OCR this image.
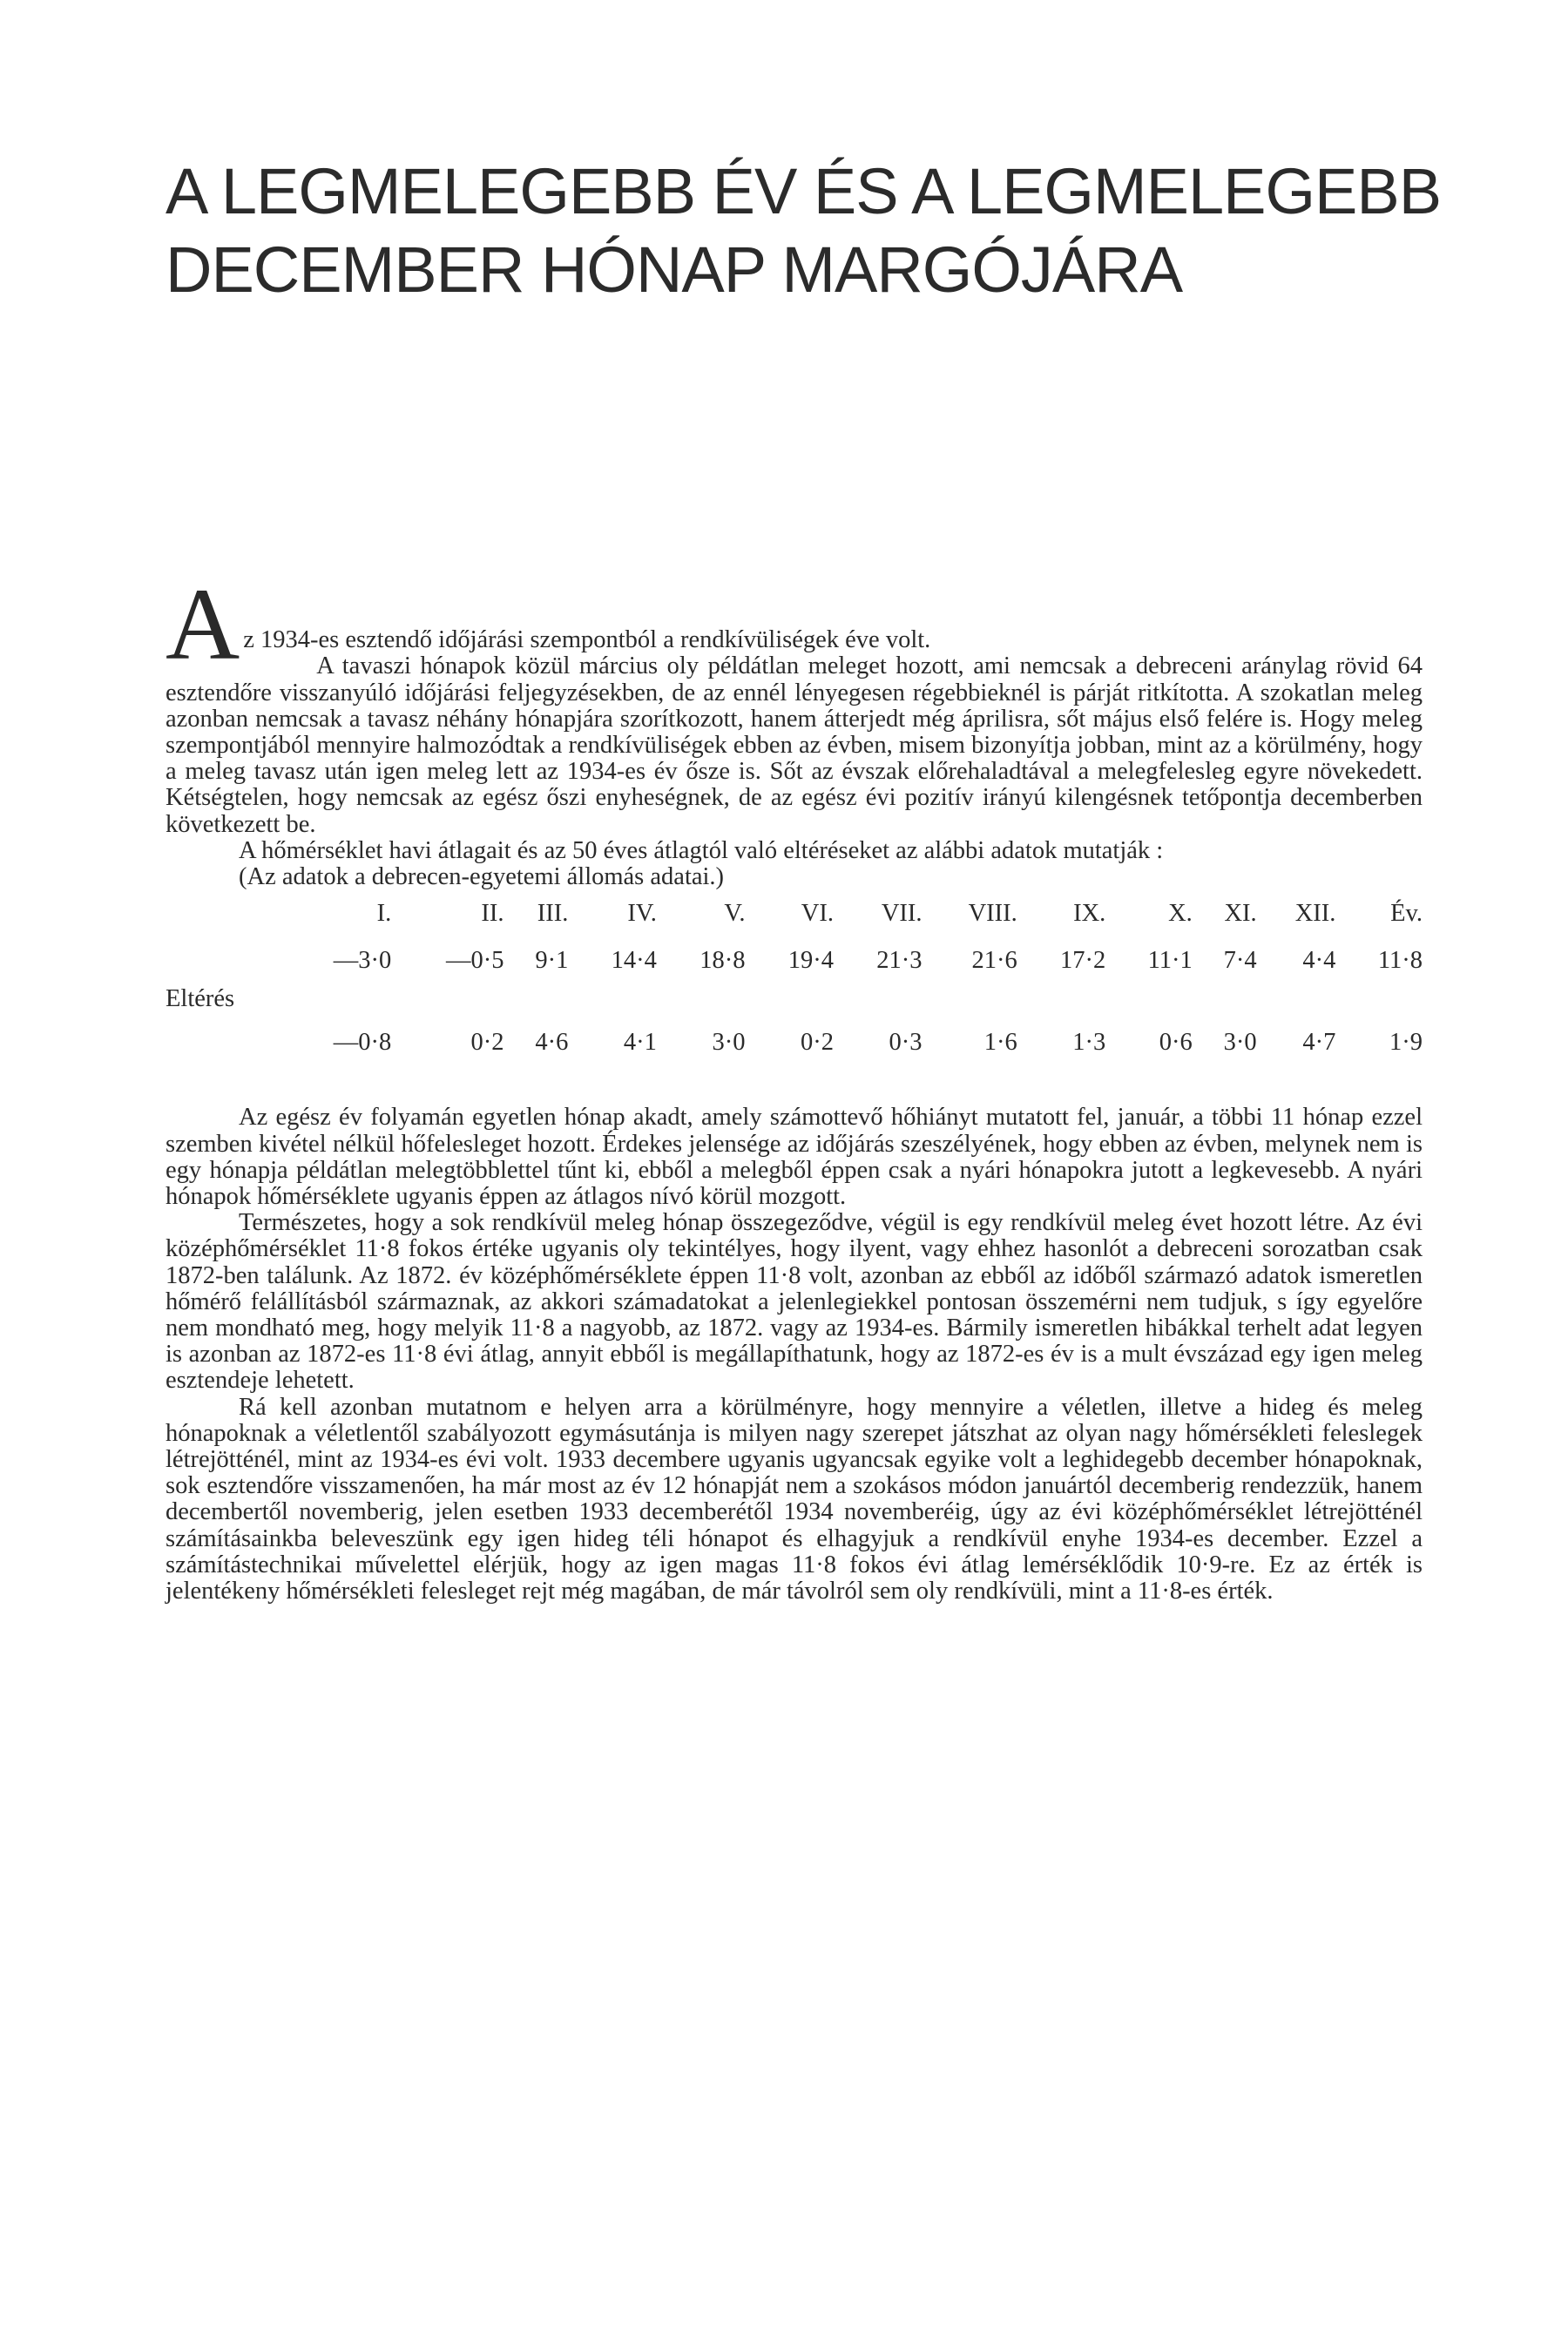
A LEGMELEGEBB ÉV ÉS A LEGMELEGEBB
DECEMBER HÓNAP MARGÓJÁRA

Az 1934-es esztendő időjárási szempontból a rendkívüliségek éve volt.

A tavaszi hónapok közül március oly példátlan meleget hozott, ami nemcsak a debreceni aránylag rövid 64 esztendőre visszanyúló időjárási feljegyzésekben, de az ennél lényegesen régebbieknél is párját ritkította. A szokatlan meleg azonban nemcsak a tavasz néhány hónapjára szorítkozott, hanem átterjedt még áprilisra, sőt május első felére is. Hogy meleg szempontjából mennyire halmozódtak a rendkívüliségek ebben az évben, misem bizonyítja jobban, mint az a körülmény, hogy a meleg tavasz után igen meleg lett az 1934-es év ősze is. Sőt az évszak előrehaladtával a melegfelesleg egyre növekedett. Kétségtelen, hogy nemcsak az egész őszi enyheségnek, de az egész évi pozitív irányú kilengésnek tetőpontja decemberben következett be.

A hőmérséklet havi átlagait és az 50 éves átlagtól való eltéréseket az alábbi adatok mutatják :

(Az adatok a debrecen-egyetemi állomás adatai.)

	I.	II.	III.	IV.	V.	VI.	VII.	VIII.	IX.	X.	XI.	XII.	Év.
	—3·0	—0·5	9·1	14·4	18·8	19·4	21·3	21·6	17·2	11·1	7·4	4·4	11·8
Eltérés													
	—0·8	0·2	4·6	4·1	3·0	0·2	0·3	1·6	1·3	0·6	3·0	4·7	1·9

Az egész év folyamán egyetlen hónap akadt, amely számottevő hőhiányt mutatott fel, január, a többi 11 hónap ezzel szemben kivétel nélkül hőfelesleget hozott. Érdekes jelensége az időjárás szeszélyének, hogy ebben az évben, melynek nem is egy hónapja példátlan melegtöbblettel tűnt ki, ebből a melegből éppen csak a nyári hónapokra jutott a legkevesebb. A nyári hónapok hőmérséklete ugyanis éppen az átlagos nívó körül mozgott.

Természetes, hogy a sok rendkívül meleg hónap összegeződve, végül is egy rendkívül meleg évet hozott létre. Az évi középhőmérséklet 11·8 fokos értéke ugyanis oly tekintélyes, hogy ilyent, vagy ehhez hasonlót a debreceni sorozatban csak 1872-ben találunk. Az 1872. év középhőmérséklete éppen 11·8 volt, azonban az ebből az időből származó adatok ismeretlen hőmérő felállításból származnak, az akkori számadatokat a jelenlegiekkel pontosan összemérni nem tudjuk, s így egyelőre nem mondható meg, hogy melyik 11·8 a nagyobb, az 1872. vagy az 1934-es. Bármily ismeretlen hibákkal terhelt adat legyen is azonban az 1872-es 11·8 évi átlag, annyit ebből is megállapíthatunk, hogy az 1872-es év is a mult évszázad egy igen meleg esztendeje lehetett.

Rá kell azonban mutatnom e helyen arra a körülményre, hogy mennyire a véletlen, illetve a hideg és meleg hónapoknak a véletlentől szabályozott egymásutánja is milyen nagy szerepet játszhat az olyan nagy hőmérsékleti feleslegek létrejötténél, mint az 1934-es évi volt. 1933 decembere ugyanis ugyancsak egyike volt a leghidegebb december hónapoknak, sok esztendőre visszamenően, ha már most az év 12 hónapját nem a szokásos módon januártól decemberig rendezzük, hanem decembertől novemberig, jelen esetben 1933 decemberétől 1934 novemberéig, úgy az évi középhőmérséklet létrejötténél számításainkba beleveszünk egy igen hideg téli hónapot és elhagyjuk a rendkívül enyhe 1934-es december. Ezzel a számítástechnikai művelettel elérjük, hogy az igen magas 11·8 fokos évi átlag lemérséklődik 10·9-re. Ez az érték is jelentékeny hőmérsékleti felesleget rejt még magában, de már távolról sem oly rendkívüli, mint a 11·8-es érték.
